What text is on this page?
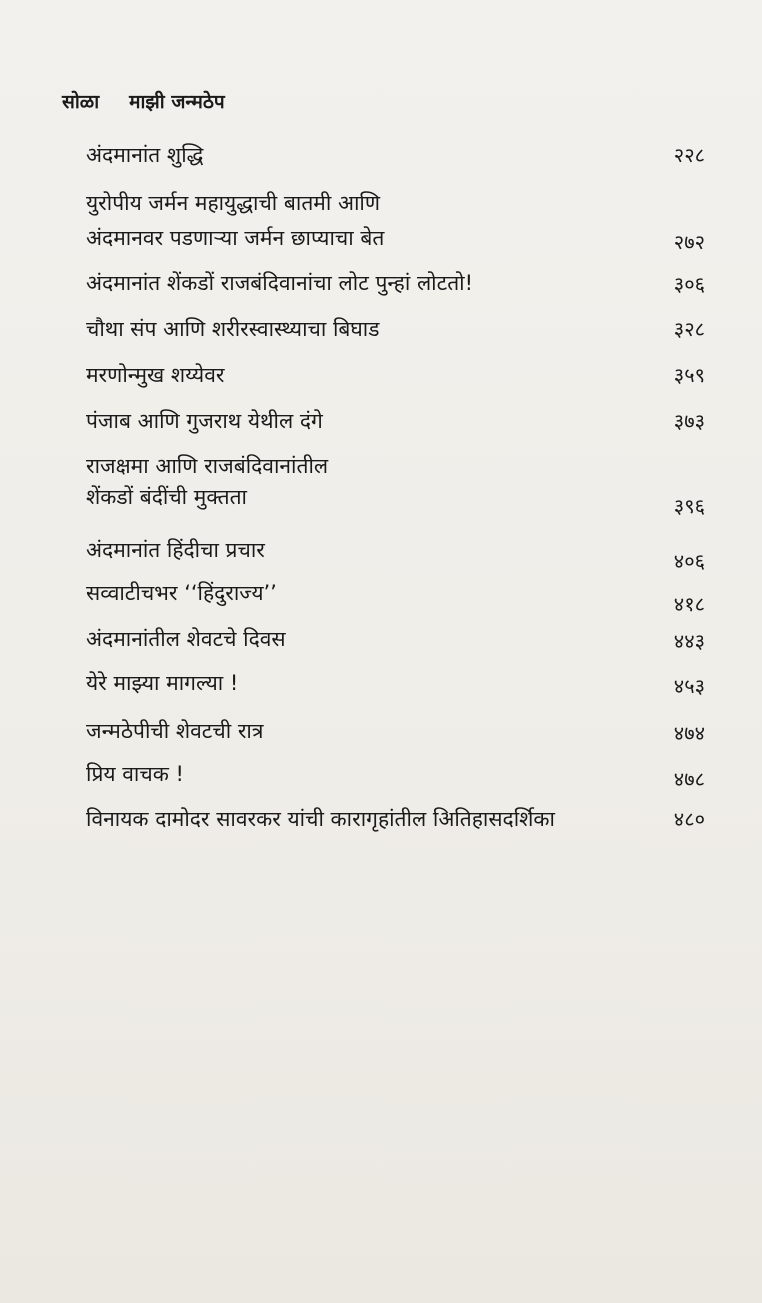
सोळा माझी जन्मठेप
अंदमानांत शुद्धि	२२८
युरोपीय जर्मन महायुद्धाची बातमी आणि
अंदमानवर पडणाऱ्या जर्मन छाप्याचा बेत	२७२
अंदमानांत शेंकडों राजबंदिवानांचा लोट पुन्हां लोटतो!	३०६
चौथा संप आणि शरीरस्वास्थ्याचा बिघाड	३२८
मरणोन्मुख शय्येवर	३५९
पंजाब आणि गुजराथ येथील दंगे	३७३
राजक्षमा आणि राजबंदिवानांतील
शेंकडों बंदींची मुक्तता	३९६
अंदमानांत हिंदीचा प्रचार	४०६
सव्वाटीचभर ‘‘हिंदुराज्य’’	४१८
अंदमानांतील शेवटचे दिवस	४४३
येरे माझ्या मागल्या !	४५३
जन्मठेपीची शेवटची रात्र	४७४
प्रिय वाचक !	४७८
विनायक दामोदर सावरकर यांची कारागृहांतील अितिहासदर्शिका	४८०
